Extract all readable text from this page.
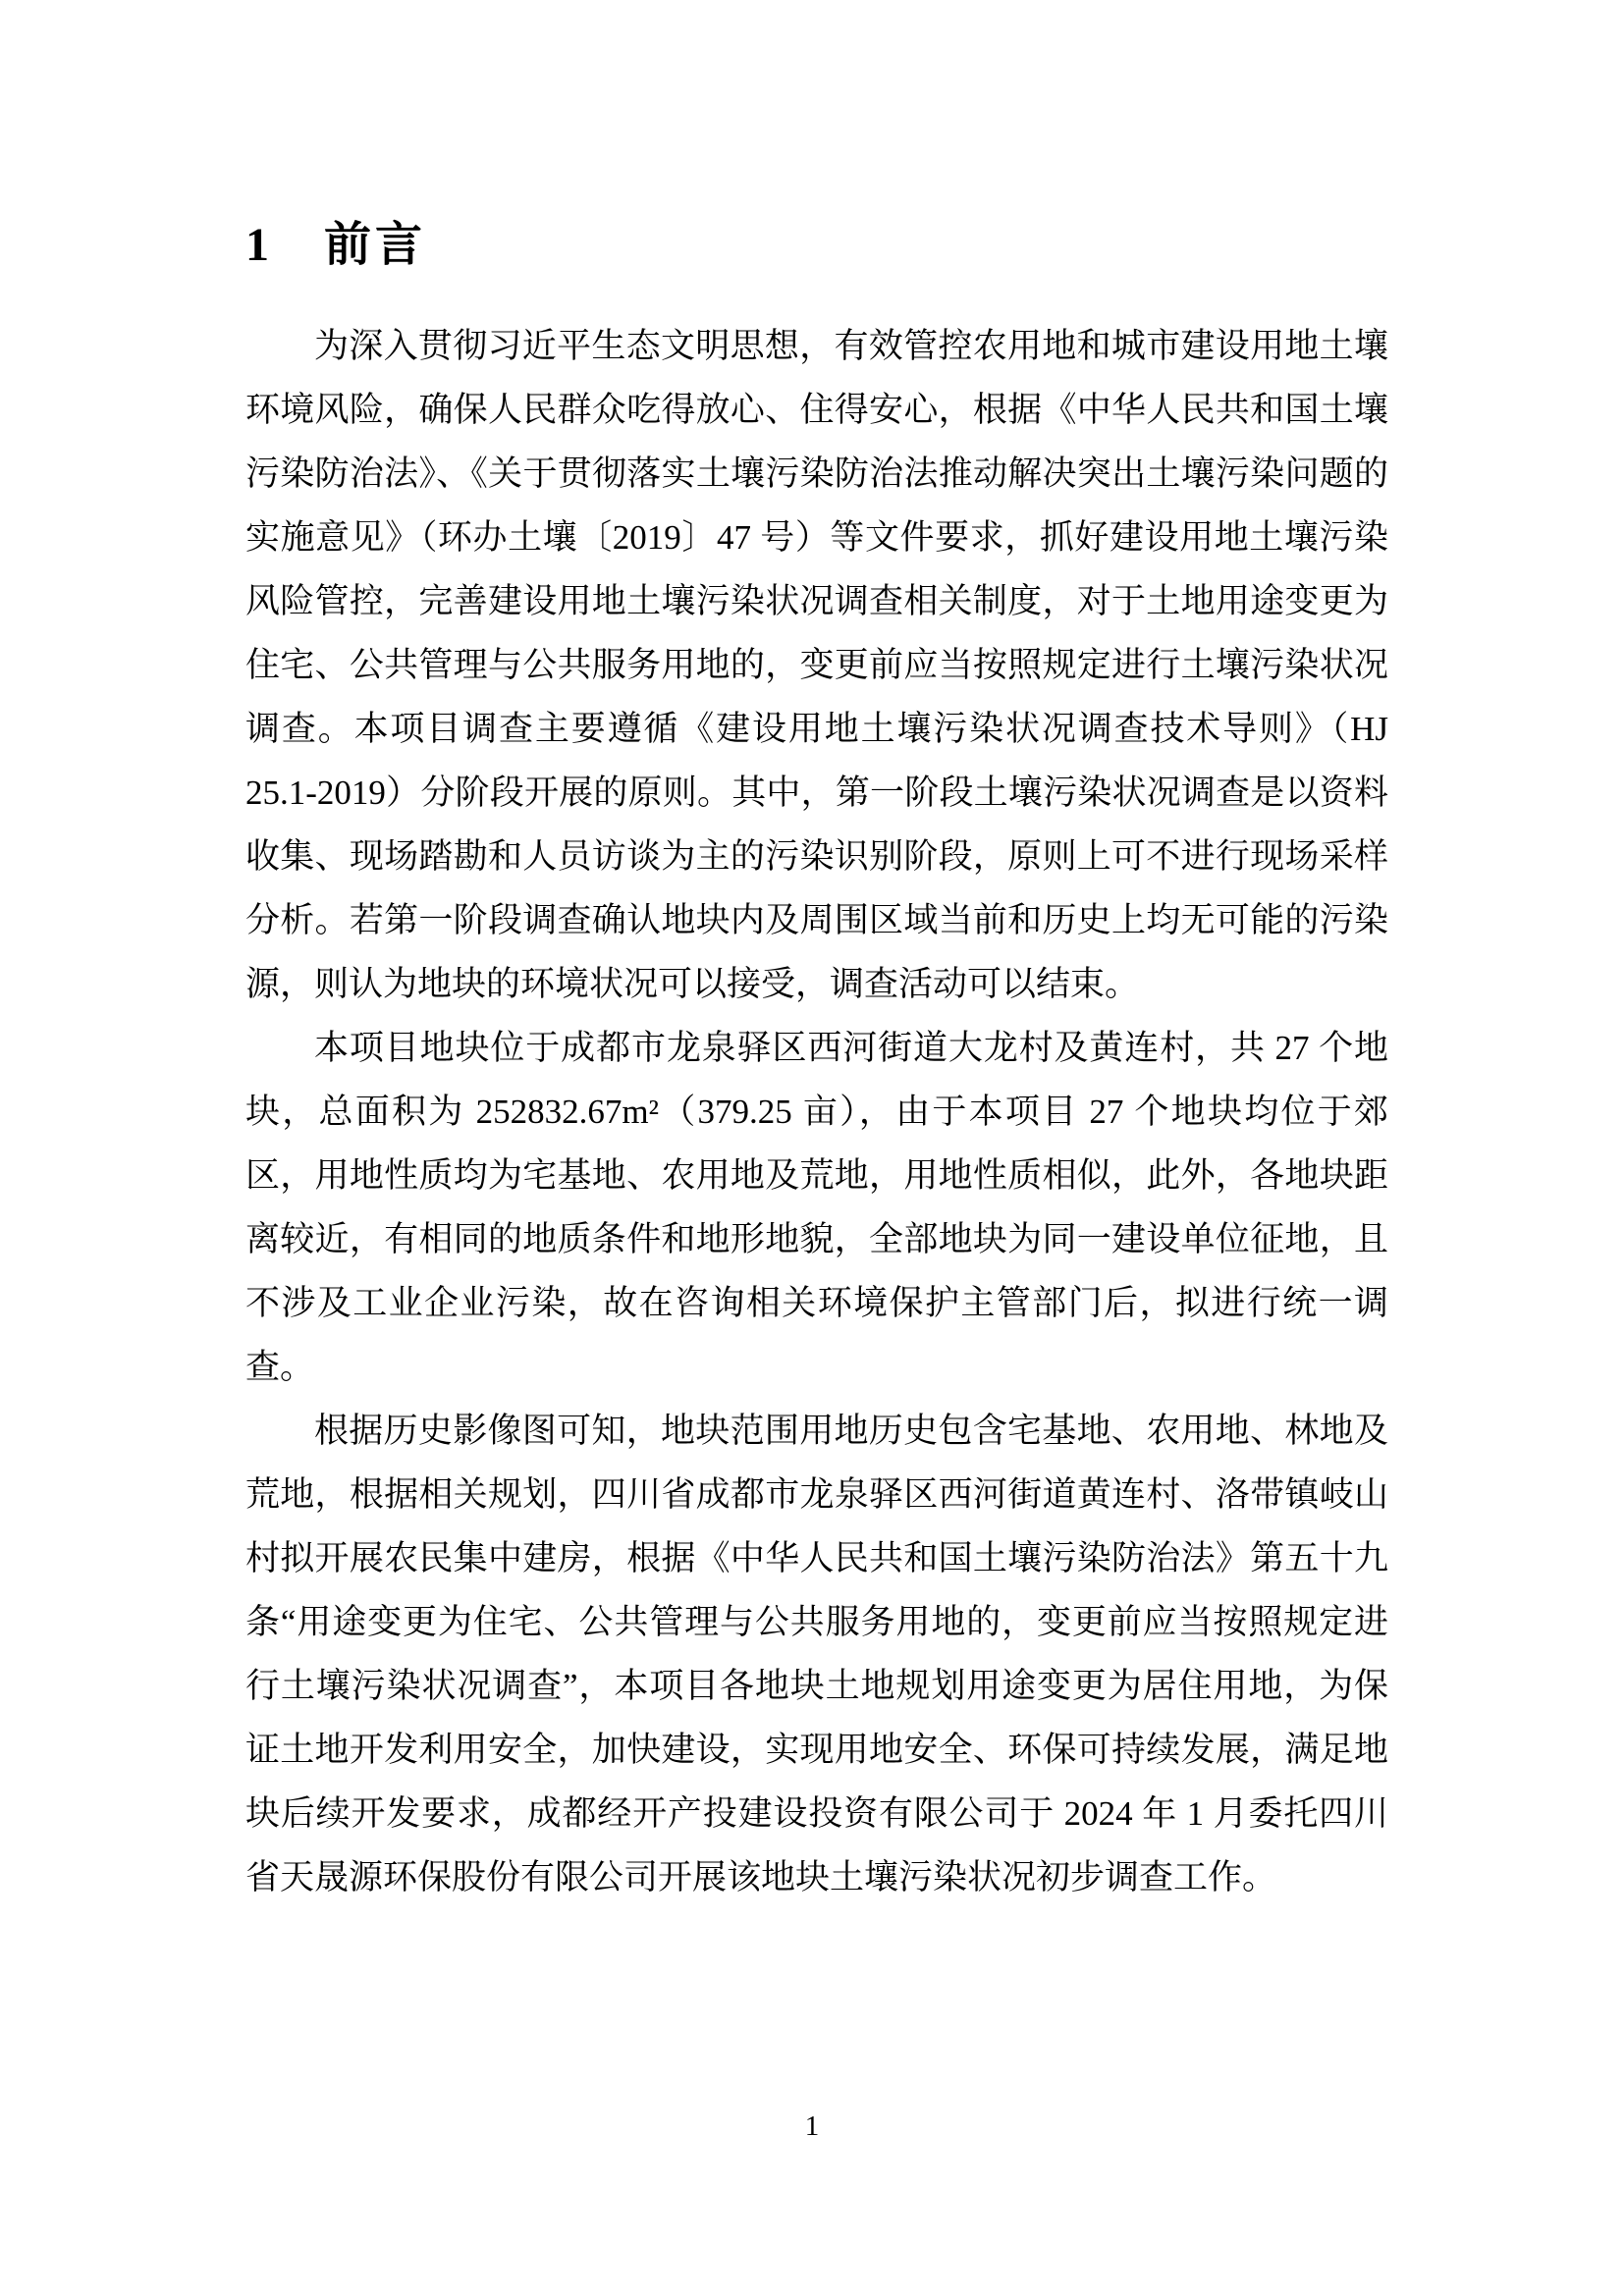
1 前言

为深入贯彻习近平生态文明思想，有效管控农用地和城市建设用地土壤环境风险，确保人民群众吃得放心、住得安心，根据《中华人民共和国土壤污染防治法》、《关于贯彻落实土壤污染防治法推动解决突出土壤污染问题的实施意见》（环办土壤〔2019〕47 号）等文件要求，抓好建设用地土壤污染风险管控，完善建设用地土壤污染状况调查相关制度，对于土地用途变更为住宅、公共管理与公共服务用地的，变更前应当按照规定进行土壤污染状况调查。本项目调查主要遵循《建设用地土壤污染状况调查技术导则》（HJ 25.1-2019）分阶段开展的原则。其中，第一阶段土壤污染状况调查是以资料收集、现场踏勘和人员访谈为主的污染识别阶段，原则上可不进行现场采样分析。若第一阶段调查确认地块内及周围区域当前和历史上均无可能的污染源，则认为地块的环境状况可以接受，调查活动可以结束。

本项目地块位于成都市龙泉驿区西河街道大龙村及黄连村，共 27 个地块，总面积为 252832.67m²（379.25 亩），由于本项目 27 个地块均位于郊区，用地性质均为宅基地、农用地及荒地，用地性质相似，此外，各地块距离较近，有相同的地质条件和地形地貌，全部地块为同一建设单位征地，且不涉及工业企业污染，故在咨询相关环境保护主管部门后，拟进行统一调查。

根据历史影像图可知，地块范围用地历史包含宅基地、农用地、林地及荒地，根据相关规划，四川省成都市龙泉驿区西河街道黄连村、洛带镇岐山村拟开展农民集中建房，根据《中华人民共和国土壤污染防治法》第五十九条“用途变更为住宅、公共管理与公共服务用地的，变更前应当按照规定进行土壤污染状况调查”，本项目各地块土地规划用途变更为居住用地，为保证土地开发利用安全，加快建设，实现用地安全、环保可持续发展，满足地块后续开发要求，成都经开产投建设投资有限公司于 2024 年 1 月委托四川省天晟源环保股份有限公司开展该地块土壤污染状况初步调查工作。

1
